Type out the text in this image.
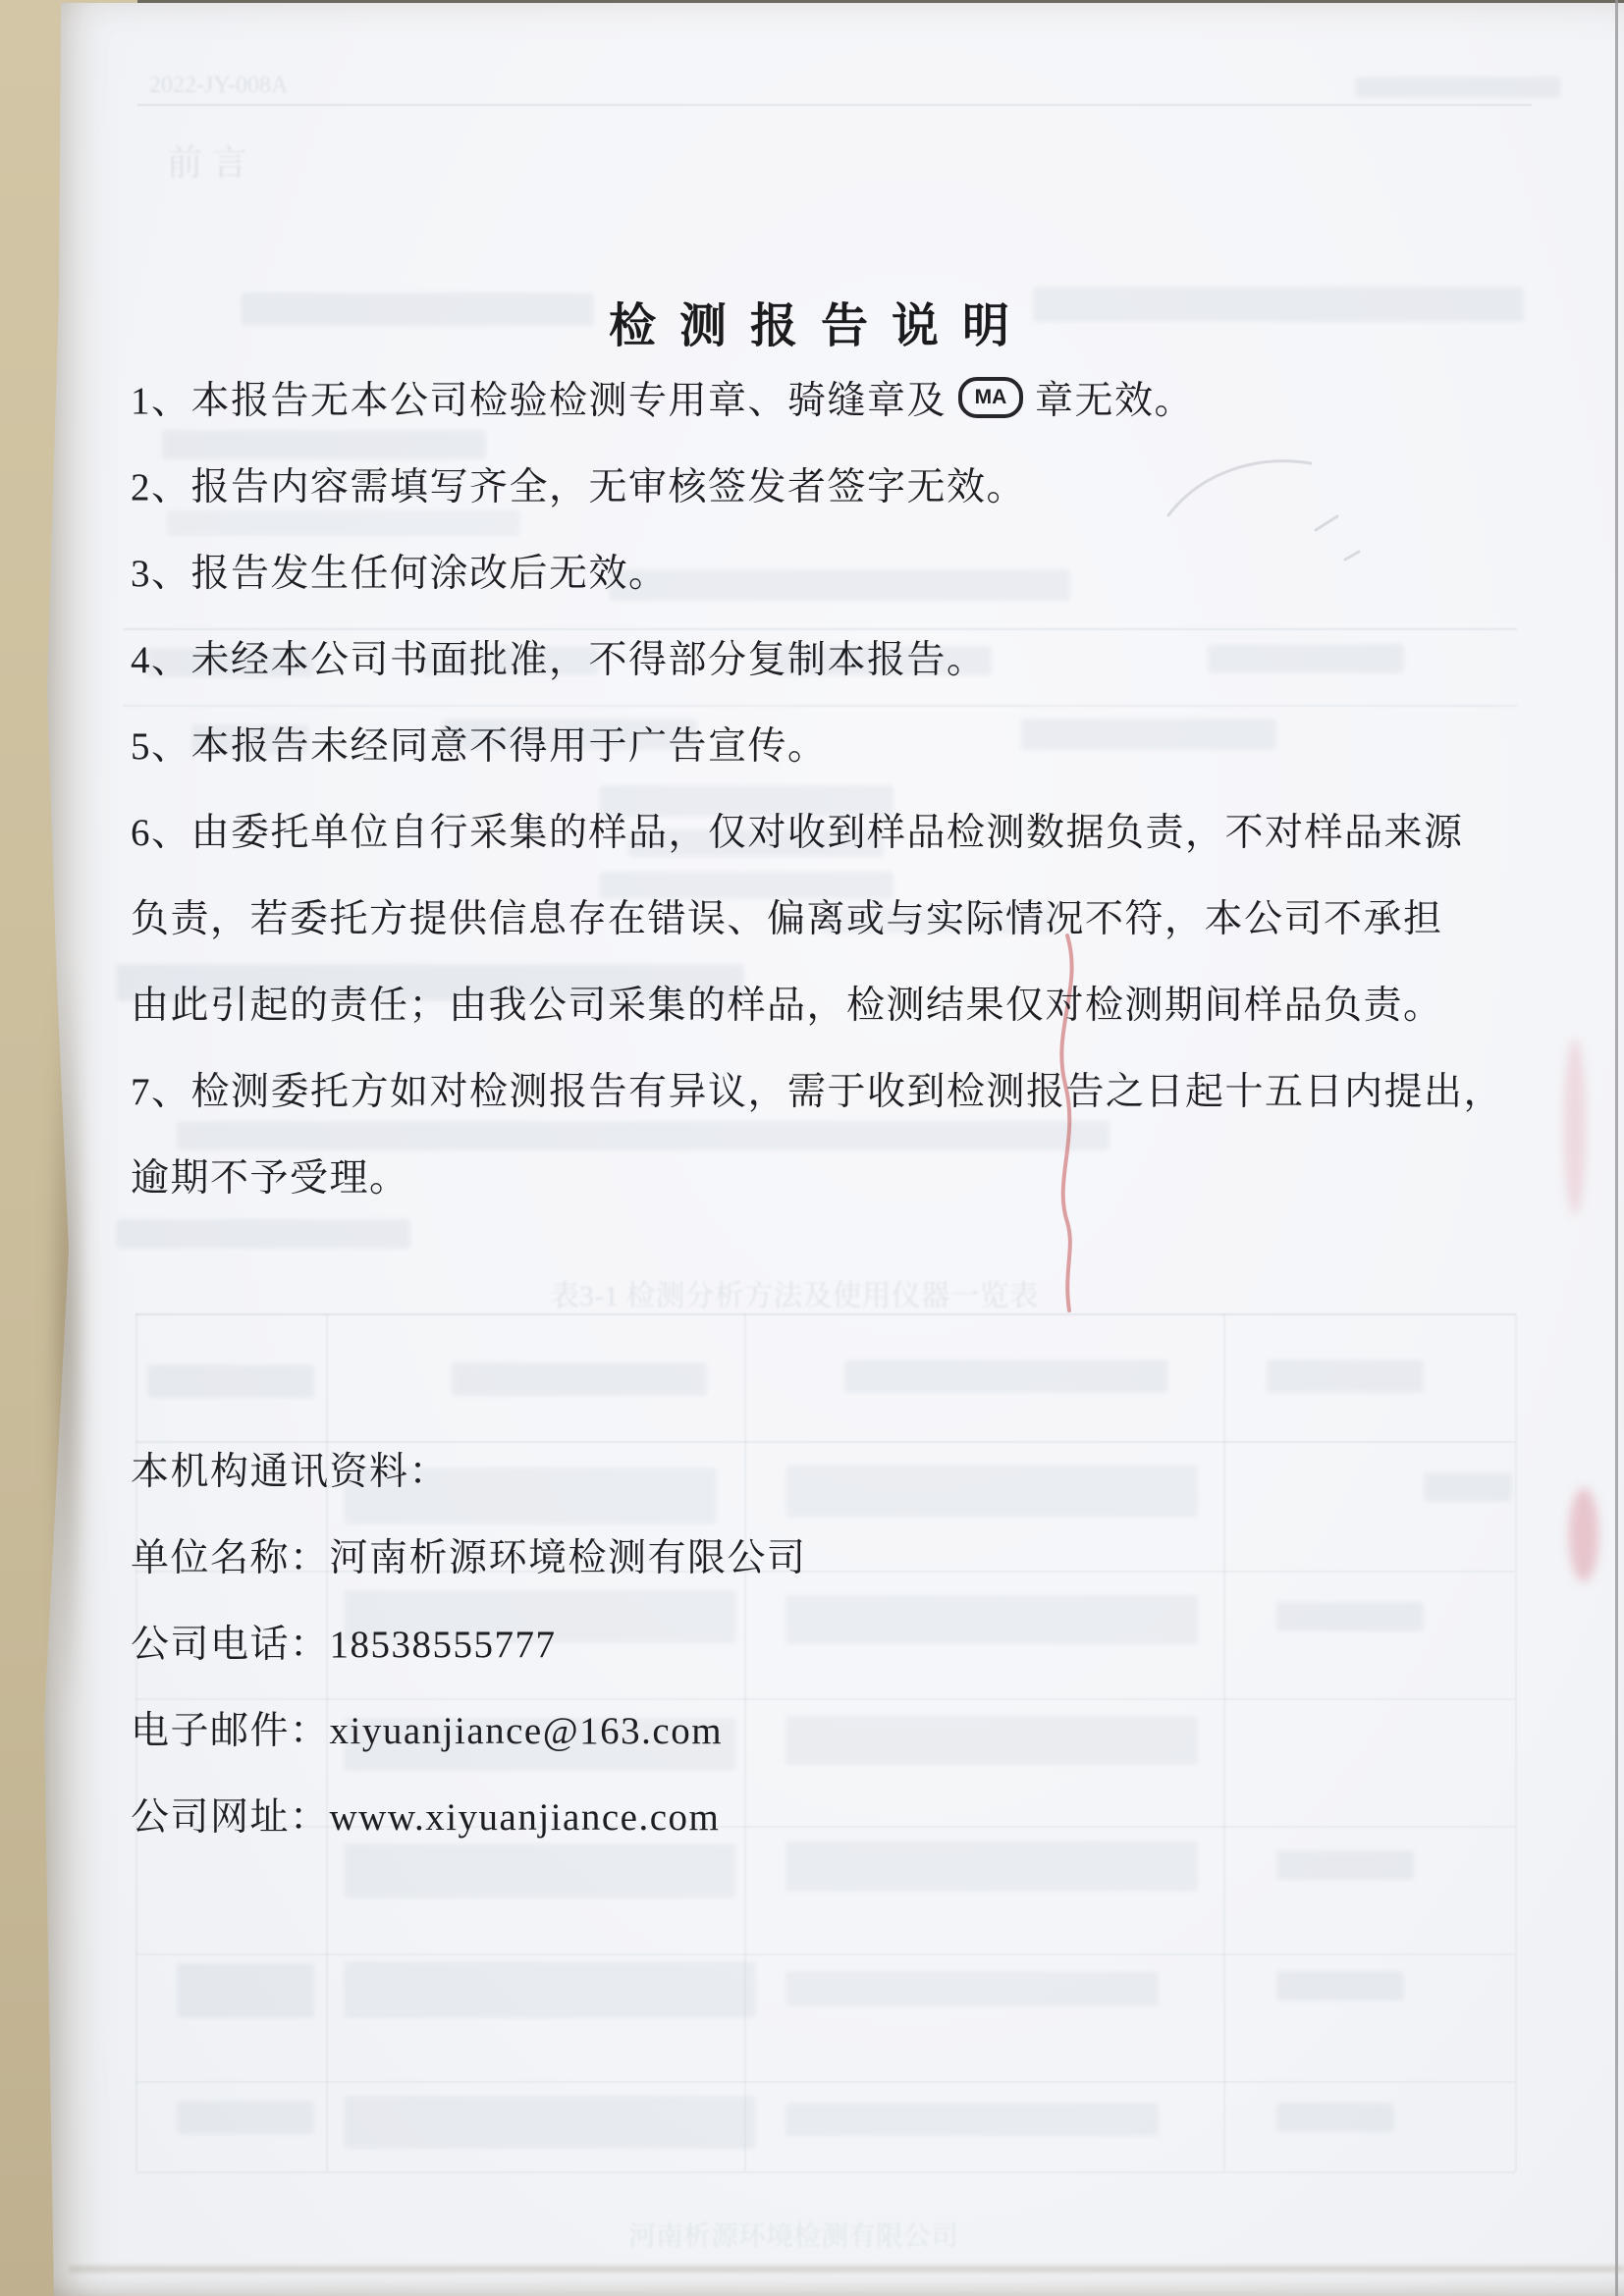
2022-JY-008A
前言
表3-1 检测分析方法及使用仪器一览表
河南析源环境检测有限公司
检 测 报 告 说 明
1、本报告无本公司检验检测专用章、骑缝章及 MA 章无效。
2、报告内容需填写齐全，无审核签发者签字无效。
3、报告发生任何涂改后无效。
4、未经本公司书面批准，不得部分复制本报告。
5、本报告未经同意不得用于广告宣传。
6、由委托单位自行采集的样品，仅对收到样品检测数据负责，不对样品来源
负责，若委托方提供信息存在错误、偏离或与实际情况不符，本公司不承担
由此引起的责任；由我公司采集的样品，检测结果仅对检测期间样品负责。
7、检测委托方如对检测报告有异议，需于收到检测报告之日起十五日内提出，
逾期不予受理。
本机构通讯资料：
单位名称：河南析源环境检测有限公司
公司电话：18538555777
电子邮件：xiyuanjiance@163.com
公司网址：www.xiyuanjiance.com
